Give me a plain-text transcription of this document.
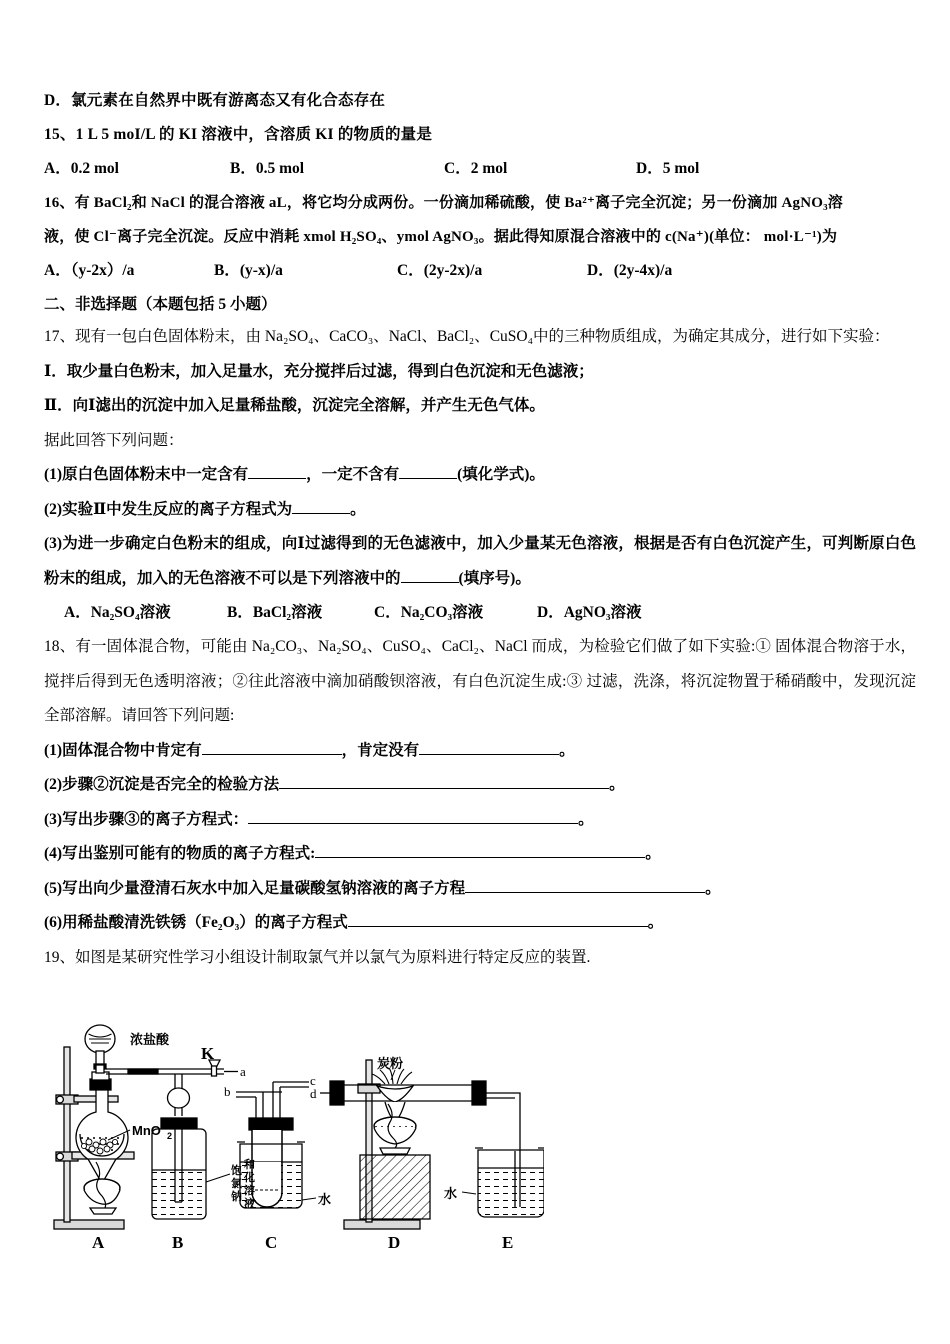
D．氯元素在自然界中既有游离态又有化合态存在
15、1 L 5 moI/L 的 KI 溶液中，含溶质 KI 的物质的量是
A．0.2 mol	B．0.5 mol	C．2 mol	D．5 mol
16、有 BaCl₂和 NaCl 的混合溶液 aL，将它均分成两份。一份滴加稀硫酸，使 Ba²⁺离子完全沉淀；另一份滴加 AgNO₃溶
液，使 Cl⁻离子完全沉淀。反应中消耗 xmol H₂SO₄、ymol AgNO₃。据此得知原混合溶液中的 c(Na⁺)(单位： mol·L⁻¹)为
A．（y-2x）/a	B．(y-x)/a	C．(2y-2x)/a	D．(2y-4x)/a
二、非选择题（本题包括 5 小题）
17、现有一包白色固体粉末，由 Na₂SO₄、CaCO₃、NaCl、BaCl₂、CuSO₄中的三种物质组成，为确定其成分，进行如下实验：
Ⅰ．取少量白色粉末，加入足量水，充分搅拌后过滤，得到白色沉淀和无色滤液；
Ⅱ．向Ⅰ滤出的沉淀中加入足量稀盐酸，沉淀完全溶解，并产生无色气体。
据此回答下列问题：
(1)原白色固体粉末中一定含有	，一定不含有	(填化学式)。
(2)实验Ⅱ中发生反应的离子方程式为	。
(3)为进一步确定白色粉末的组成，向Ⅰ过滤得到的无色滤液中，加入少量某无色溶液，根据是否有白色沉淀产生，可判断原白色粉末的组成，加入的无色溶液不可以是下列溶液中的	(填序号)。
A．Na₂SO₄溶液	B．BaCl₂溶液	C．Na₂CO₃溶液	D．AgNO₃溶液
18、有一固体混合物，可能由 Na₂CO₃、Na₂SO₄、CuSO₄、CaCl₂、NaCl 而成，为检验它们做了如下实验:① 固体混合物溶于水，搅拌后得到无色透明溶液；②往此溶液中滴加硝酸钡溶液，有白色沉淀生成:③ 过滤，洗涤，将沉淀物置于稀硝酸中，发现沉淀全部溶解。请回答下列问题:
(1)固体混合物中肯定有	，肯定没有	。
(2)步骤②沉淀是否完全的检验方法	。
(3)写出步骤③的离子方程式：	。
(4)写出鉴别可能有的物质的离子方程式:	。
(5)写出向少量澄清石灰水中加入足量碳酸氢钠溶液的离子方程	。
(6)用稀盐酸清洗铁锈（Fe₂O₃）的离子方程式	。
19、如图是某研究性学习小组设计制取氯气并以氯气为原料进行特定反应的装置.
浓盐酸
K
a
MnO 2
b
c
d
饱
氯
钠
和
化
溶
液	水
炭粉
水
A	B	C	D	E
